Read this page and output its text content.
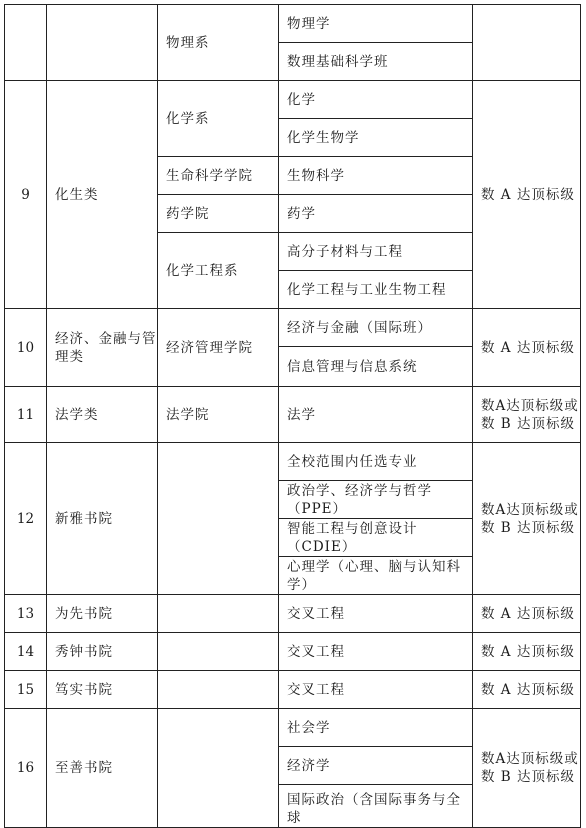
		物理系	物理学	
			数理基础科学班	
9	化生类	化学系	化学	数 A 达顶标级
			化学生物学	
		生命科学学院	生物科学	
		药学院	药学	
		化学工程系	高分子材料与工程	
			化学工程与工业生物工程	
10	经济、金融与管理类	经济管理学院	经济与金融（国际班）	数 A 达顶标级
			信息管理与信息系统	
11	法学类	法学院	法学	数A达顶标级或数 B 达顶标级
12	新雅书院		全校范围内任选专业	数A达顶标级或数 B 达顶标级
			政治学、经济学与哲学（PPE）	
			智能工程与创意设计（CDIE）	
			心理学（心理、脑与认知科学）	
13	为先书院		交叉工程	数 A 达顶标级
14	秀钟书院		交叉工程	数 A 达顶标级
15	笃实书院		交叉工程	数 A 达顶标级
16	至善书院		社会学	数A达顶标级或数 B 达顶标级
			经济学	
			国际政治（含国际事务与全球	
